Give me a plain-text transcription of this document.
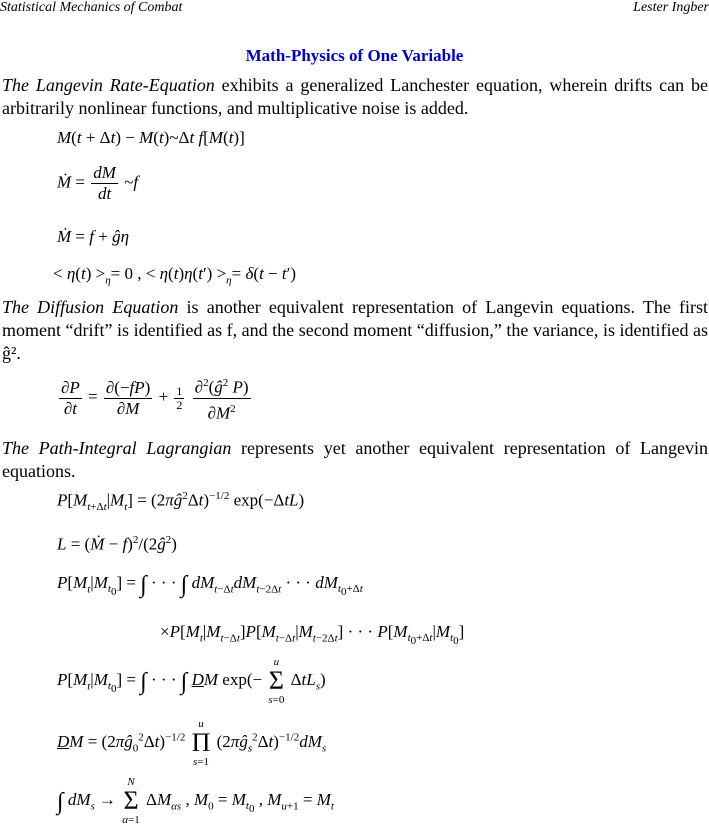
Statistical Mechanics of Combat	Lester Ingber
Math-Physics of One Variable
The Langevin Rate-Equation exhibits a generalized Lanchester equation, wherein drifts can be arbitrarily nonlinear functions, and multiplicative noise is added.
M(t + Δt) − M(t)~Δt f[M(t)]
Ṁ = $\frac{dM}{dt}$ ~f
Ṁ = f + ĝη
< $\eta(t) >_\eta= 0$ , < $\eta(t)\eta(t') >_\eta= \delta(t - t')$
The Diffusion Equation is another equivalent representation of Langevin equations. The first moment “drift” is identified as f, and the second moment “diffusion,” the variance, is identified as ĝ².
$\frac{\partial P}{\partial t} = \frac{\partial(-fP)}{\partial M} + \frac{1}{2}$
$\frac{\partial^2(ĝ^2 P)}{\partial M^2}$
The Path-Integral Lagrangian represents yet another equivalent representation of Langevin equations.
$P[M_{t+\Delta t}|M_t]$ = $(2\pi ĝ^2\Delta t)^{-1/2}$ exp(−ΔtL)
L = (Ṁ − $f)^2/(2ĝ^2)$
$P[M_t|M_{t_0}]$ = ∫ · · · ∫ $dM_{t-\Delta t}dM_{t-2\Delta t}$ · · · $dM_{t_0+\Delta t}$
$\times P[M_t|M_{t-\Delta t}]P[M_{t-\Delta t}|M_{t-2\Delta t}]$ · · · $P[M_{t_0+\Delta t}|M_{t_0}]$
$P[M_t|M_{t_0}]$ = ∫ · · · ∫ DM exp(−
u
Σ
s=0
ΔtL$_s$)
DM = $(2\pi ĝ_0^2\Delta t)^{-1/2}$
u
Π
s=1
$(2\pi ĝ_s^2\Delta t)^{-1/2}dM_s$
∫ $dM_s$ →
N
Σ
α=1
$\Delta M_{\alpha s}$ , $M_0 = M_{t_0}$ , $M_{u+1} = M_t$
